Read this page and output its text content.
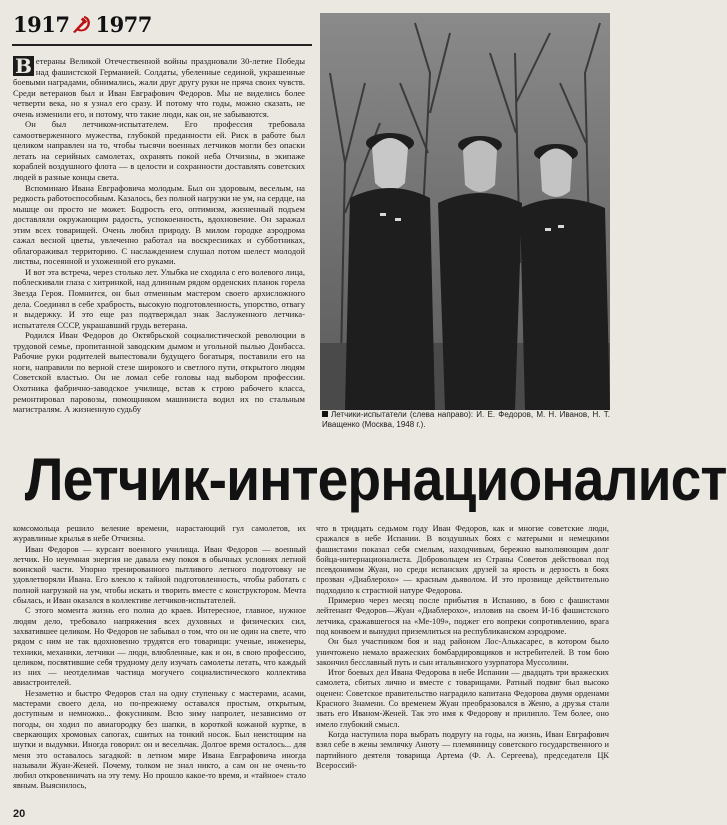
1917 1977

В етераны Великой Отечественной войны праздновали 30-летие Победы над фашистской Германией. Солдаты, убеленные сединой, украшенные боевыми наградами, обнимались, жали друг другу руки не пряча своих чувств. Среди ветеранов был и Иван Евграфович Федоров. Мы не виделись более четверти века, но я узнал его сразу. И потому что годы, можно сказать, не очень изменили его, и потому, что такие люди, как он, не забываются.

Он был летчиком-испытателем. Его профессия требовала самоотверженного мужества, глубокой преданности ей. Риск в работе был целиком направлен на то, чтобы тысячи военных летчиков могли без опаски летать на серийных самолетах, охранять покой неба Отчизны, в экипаже кораблей воздушного флота — в целости и сохранности доставлять советских людей в разные концы света.

Вспоминаю Ивана Евграфовича молодым. Был он здоровым, веселым, на редкость работоспособным. Казалось, без полной нагрузки не ум, на сердце, на мышце он просто не может. Бодрость его, оптимизм, жизненный подъем доставляли окружающим радость, успокоенность, вдохновение. Он заражал этим всех товарищей. Очень любил природу. В милом городке аэродрома сажал весной цветы, увлеченно работал на воскресниках и субботниках, облагораживал территорию. С наслаждением слушал потом шелест молодой листвы, посеянной и ухоженной его руками.

И вот эта встреча, через столько лет. Улыбка не сходила с его волевого лица, поблескивали глаза с хитринкой, над длинным рядом орденских планок горела Звезда Героя. Помнится, он был отменным мастером своего архисложного дела. Соединял в себе храбрость, высокую подготовленность, упорство, отвагу и выдержку. И это еще раз подтверждал знак Заслуженного летчика-испытателя СССР, украшавший грудь ветерана.

Родился Иван Федоров до Октябрьской социалистической революции в трудовой семье, пропитанной заводским дымом и угольной пылью Донбасса. Рабочие руки родителей выпестовали будущего богатыря, поставили его на ноги, направили по верной стезе широкого и светлого пути, открытого людям Советской властью. Он не ломал себе головы над выбором профессии. Охотника фабрично-заводское училище, встав к строю рабочего класса, ремонтировал паровозы, помощником машиниста водил их по стальным магистралям. А жизненную судьбу

Летчики-испытатели (слева направо): И. Е. Федоров, М. Н. Иванов, Н. Т. Иващенко (Москва, 1948 г.).
Летчик-интернационалист

комсомольца решило веление времени, нарастающий гул самолетов, их журавлиные крылья в небе Отчизны.

Иван Федоров — курсант военного училища. Иван Федоров — военный летчик. Но неуемная энергия не давала ему покоя в обычных условиях летной воинской части. Упорно тренированного пытливого летного подготовку не удовлетворяли Ивана. Его влекло к тайной подготовленность, чтобы работать с полной нагрузкой на ум, чтобы искать и творить вместе с конструктором. Мечта сбылась, и Иван оказался в коллективе летчиков-испытателей.

С этого момента жизнь его полна до краев. Интересное, главное, нужное людям дело, требовало напряжения всех духовных и физических сил, захватившее целиком. Но Федоров не забывал о том, что он не один на свете, что рядом с ним не так вдохновенно трудятся его товарищи: ученые, инженеры, техники, механики, летчики — люди, влюбленные, как и он, в свою профессию, целиком, посвятившие себя трудному делу изучать самолеты летать, что каждый из них — неотделимая частица могучего социалистического коллектива авиастроителей.

Незаметно и быстро Федоров стал на одну ступеньку с мастерами, асами, мастерами своего дела, но по-прежнему оставался простым, открытым, доступным и немножко... фокусником. Всю зиму напролет, независимо от погоды, он ходил по авиагородку без шапки, в короткой кожаной куртке, в сверкающих хромовых сапогах, сшитых на тонкий носок. Был неистощим на шутки и выдумки. Иногда говорил: он и весельчак. Долгое время осталось... для меня это оставалось загадкой: в летном мире Ивана Евграфовича иногда называли Жуан-Женей. Почему, толком не знал никто, а сам он не очень-то любил откровенничать на эту тему. Но прошло какое-то время, и «тайное» стало явным. Выяснилось,

что в тридцать седьмом году Иван Федоров, как и многие советские люди, сражался в небе Испании. В воздушных боях с матерыми и немецкими фашистами показал себя смелым, находчивым, бережно выполняющим долг бойца-интернационалиста. Добровольцем из Страны Советов действовал под псевдонимом Жуан, но среди испанских друзей за ярость и дерзость в боях прозван «Диаблерохо» — красным дьяволом. И это прозвище действительно подходило к страстной натуре Федорова.

Примерно через месяц после прибытия в Испанию, в бою с фашистами лейтенант Федоров—Жуан «Диаблерохо», изловив на своем И-16 фашистского летчика, сражавшегося на «Ме-109», поджег его вопреки сопротивлению, врага под конвоем и вынудил приземлиться на республиканском аэродроме.

Он был участником боя и над районом Лос-Алькасарес, в котором было уничтожено немало вражеских бомбардировщиков и истребителей. В том бою закончил бесславный путь и сын итальянского узурпатора Муссолини.

Итог боевых дел Ивана Федорова в небе Испании — двадцать три вражеских самолета, сбитых лично и вместе с товарищами. Ратный подвиг был высоко оценен: Советское правительство наградило капитана Федорова двумя орденами Красного Знамени. Со временем Жуан преобразовался в Женю, а друзья стали звать его Иваном-Женей. Так это имя к Федорову и прилипло. Тем более, оно имело глубокий смысл.

Когда наступила пора выбрать подругу на годы, на жизнь, Иван Евграфович взял себе в жены землячку Анюту — племянницу советского государственного и партийного деятеля товарища Артема (Ф. А. Сергеева), председателя ЦК Всероссий-

20
